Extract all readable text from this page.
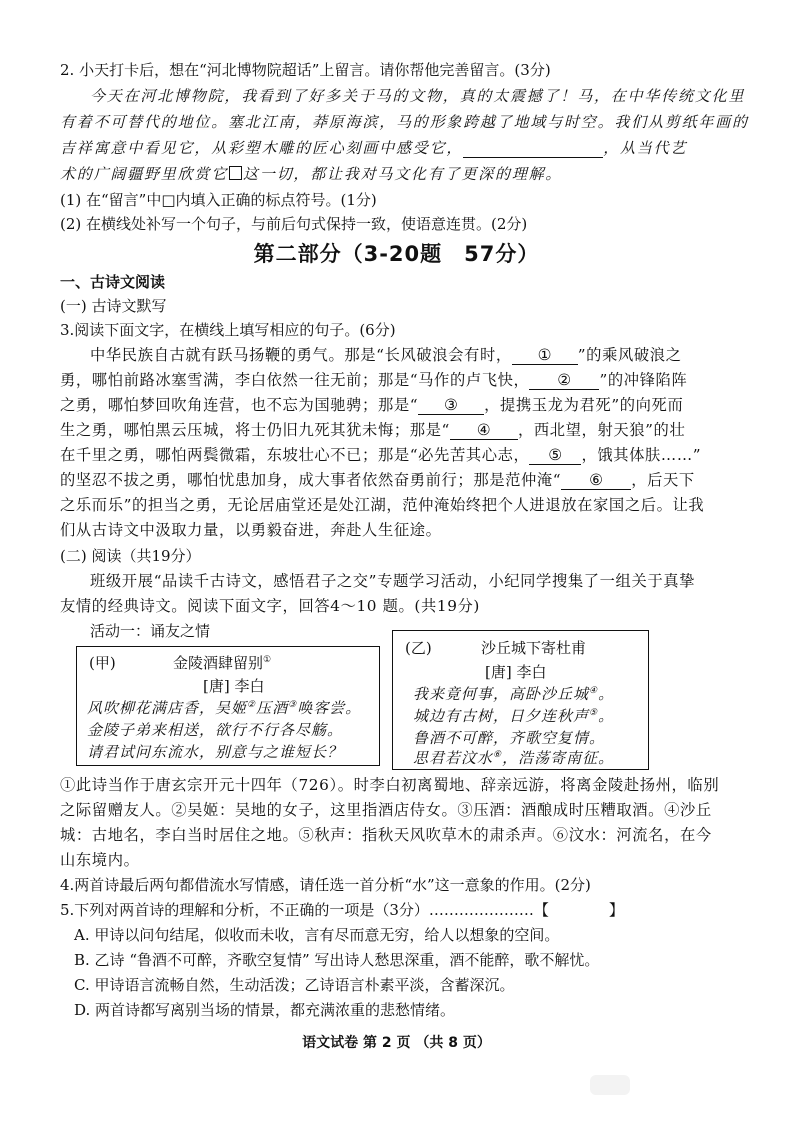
2. 小天打卡后，想在“河北博物院超话”上留言。请你帮他完善留言。(3分)
今天在河北博物院，我看到了好多关于马的文物，真的太震撼了！马，在中华传统文化里
有着不可替代的地位。塞北江南，莽原海滨，马的形象跨越了地域与时空。我们从剪纸年画的
吉祥寓意中看见它，从彩塑木雕的匠心刻画中感受它，	，从当代艺
术的广阔疆野里欣赏它 这一切，都让我对马文化有了更深的理解。
(1) 在“留言”中□内填入正确的标点符号。(1分)
(2) 在横线处补写一个句子，与前后句式保持一致，使语意连贯。(2分)
第二部分（3-20题　57分）
一、古诗文阅读
(一) 古诗文默写
3.阅读下面文字，在横线上填写相应的句子。(6分)
中华民族自古就有跃马扬鞭的勇气。那是“长风破浪会有时， ① ”的乘风破浪之
勇，哪怕前路冰塞雪满，李白依然一往无前；那是“马作的卢飞快， ② ”的冲锋陷阵
之勇，哪怕梦回吹角连营，也不忘为国驰骋；那是“ ③ ，提携玉龙为君死”的向死而
生之勇，哪怕黑云压城，将士仍旧九死其犹未悔；那是“ ④ ，西北望，射天狼”的壮
在千里之勇，哪怕两鬓微霜，东坡壮心不已；那是“必先苦其心志， ⑤ ，饿其体肤……”
的坚忍不拔之勇，哪怕忧患加身，成大事者依然奋勇前行；那是范仲淹“ ⑥ ，后天下
之乐而乐”的担当之勇，无论居庙堂还是处江湖，范仲淹始终把个人进退放在家国之后。让我
们从古诗文中汲取力量，以勇毅奋进，奔赴人生征途。
(二) 阅读（共19分）
班级开展“品读千古诗文，感悟君子之交”专题学习活动，小纪同学搜集了一组关于真挚
友情的经典诗文。阅读下面文字，回答4～10 题。(共19分)
活动一：诵友之情
(甲)	金陵酒肆留别①
[唐] 李白
风吹柳花满店香，吴姬②压酒③唤客尝。
金陵子弟来相送，欲行不行各尽觞。
请君试问东流水，别意与之谁短长？
(乙)	沙丘城下寄杜甫
[唐] 李白
我来竟何事，高卧沙丘城④。
城边有古树，日夕连秋声⑤。
鲁酒不可醉，齐歌空复情。
思君若汶水⑥，浩荡寄南征。
①此诗当作于唐玄宗开元十四年（726）。时李白初离蜀地、辞亲远游，将离金陵赴扬州，临别
之际留赠友人。②吴姬：吴地的女子，这里指酒店侍女。③压酒：酒酿成时压糟取酒。④沙丘
城：古地名，李白当时居住之地。⑤秋声：指秋天风吹草木的肃杀声。⑥汶水：河流名，在今
山东境内。
4.两首诗最后两句都借流水写情感，请任选一首分析“水”这一意象的作用。(2分)
5.下列对两首诗的理解和分析，不正确的一项是（3分）…………………【	】
A. 甲诗以问句结尾，似收而未收，言有尽而意无穷，给人以想象的空间。
B. 乙诗 “鲁酒不可醉，齐歌空复情” 写出诗人愁思深重，酒不能醉，歌不解忧。
C. 甲诗语言流畅自然，生动活泼；乙诗语言朴素平淡，含蓄深沉。
D. 两首诗都写离别当场的情景，都充满浓重的悲愁情绪。
语文试卷 第 2 页 （共 8 页）
